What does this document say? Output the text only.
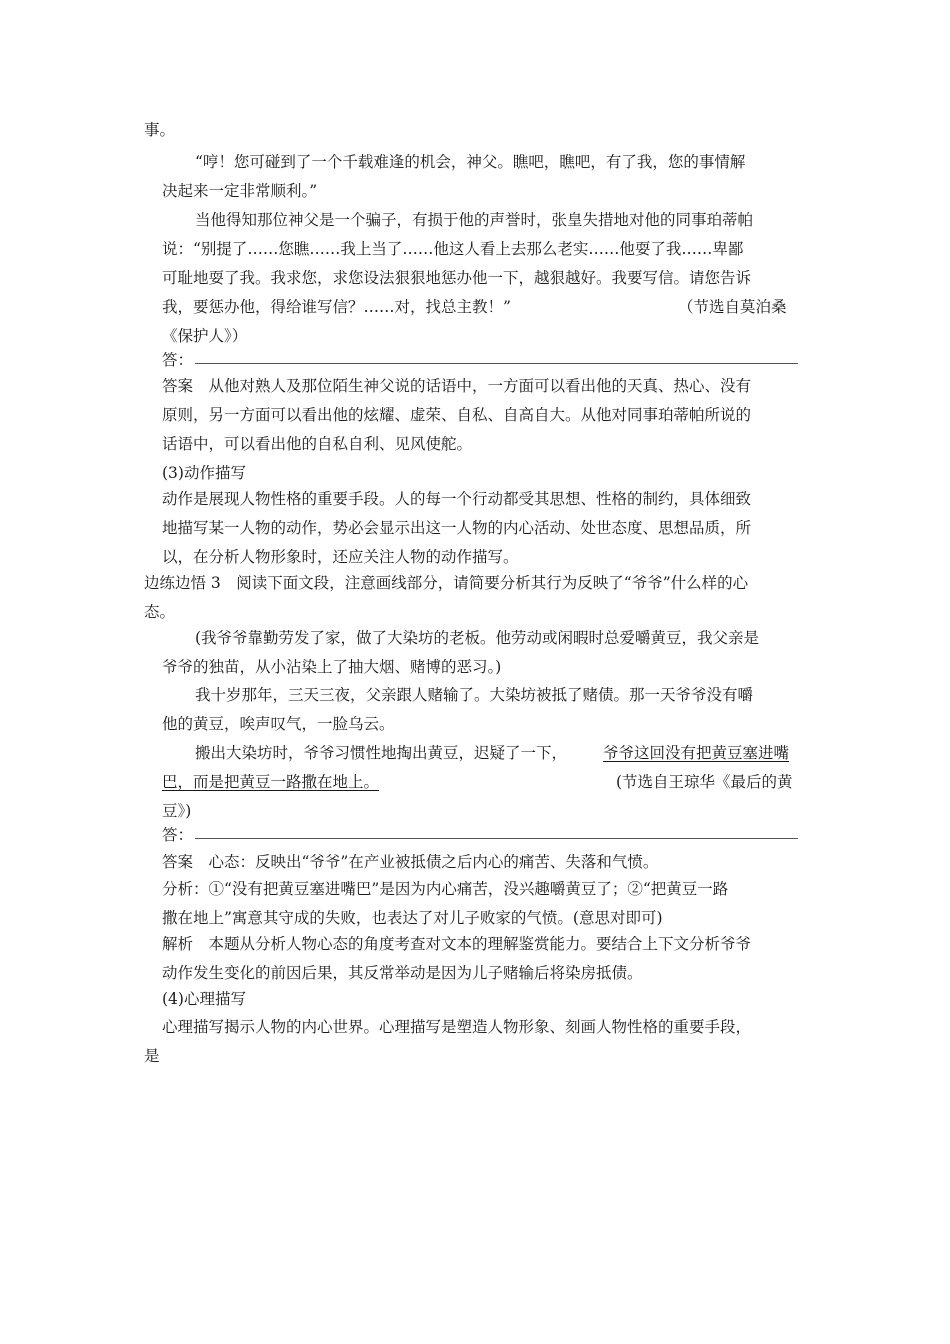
事。
“哼！您可碰到了一个千载难逢的机会，神父。瞧吧，瞧吧，有了我，您的事情解
决起来一定非常顺利。”
当他得知那位神父是一个骗子，有损于他的声誉时，张皇失措地对他的同事珀蒂帕
说：“别提了……您瞧……我上当了……他这人看上去那么老实……他耍了我……卑鄙
可耻地耍了我。我求您，求您设法狠狠地惩办他一下，越狠越好。我要写信。请您告诉
我，要惩办他，得给谁写信？……对，找总主教！”	（节选自莫泊桑
《保护人》）
答：
答案　从他对熟人及那位陌生神父说的话语中，一方面可以看出他的天真、热心、没有
原则，另一方面可以看出他的炫耀、虚荣、自私、自高自大。从他对同事珀蒂帕所说的
话语中，可以看出他的自私自利、见风使舵。
(3)动作描写
动作是展现人物性格的重要手段。人的每一个行动都受其思想、性格的制约，具体细致
地描写某一人物的动作，势必会显示出这一人物的内心活动、处世态度、思想品质，所
以，在分析人物形象时，还应关注人物的动作描写。
边练边悟 3　阅读下面文段，注意画线部分，请简要分析其行为反映了“爷爷”什么样的心
态。
(我爷爷靠勤劳发了家，做了大染坊的老板。他劳动或闲暇时总爱嚼黄豆，我父亲是
爷爷的独苗，从小沾染上了抽大烟、赌博的恶习。)
我十岁那年，三天三夜，父亲跟人赌输了。大染坊被抵了赌债。那一天爷爷没有嚼
他的黄豆，唉声叹气，一脸乌云。
搬出大染坊时，爷爷习惯性地掏出黄豆，迟疑了一下， 爷爷这回没有把黄豆塞进嘴
巴，而是把黄豆一路撒在地上。	(节选自王琼华《最后的黄
豆》)
答：
答案　心态：反映出“爷爷”在产业被抵债之后内心的痛苦、失落和气愤。
分析：①“没有把黄豆塞进嘴巴”是因为内心痛苦，没兴趣嚼黄豆了；②“把黄豆一路
撒在地上”寓意其守成的失败，也表达了对儿子败家的气愤。(意思对即可)
解析　本题从分析人物心态的角度考查对文本的理解鉴赏能力。要结合上下文分析爷爷
动作发生变化的前因后果，其反常举动是因为儿子赌输后将染房抵债。
(4)心理描写
心理描写揭示人物的内心世界。心理描写是塑造人物形象、刻画人物性格的重要手段，
是
